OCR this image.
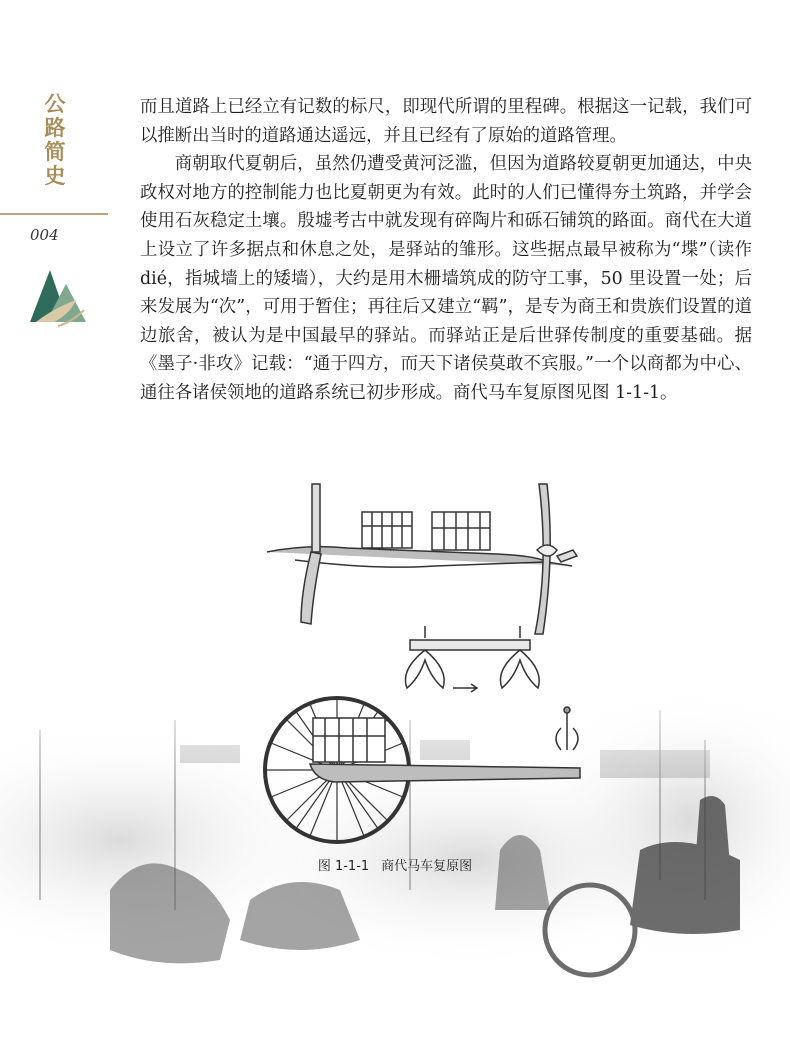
公
路
简
史
004

而且道路上已经立有记数的标尺，即现代所谓的里程碑。根据这一记载，我们可以推断出当时的道路通达遥远，并且已经有了原始的道路管理。

商朝取代夏朝后，虽然仍遭受黄河泛滥，但因为道路较夏朝更加通达，中央政权对地方的控制能力也比夏朝更为有效。此时的人们已懂得夯土筑路，并学会使用石灰稳定土壤。殷墟考古中就发现有碎陶片和砾石铺筑的路面。商代在大道上设立了许多据点和休息之处，是驿站的雏形。这些据点最早被称为“堞”（读作dié，指城墙上的矮墙），大约是用木栅墙筑成的防守工事，50 里设置一处；后来发展为“次”，可用于暂住；再往后又建立“羁”，是专为商王和贵族们设置的道边旅舍，被认为是中国最早的驿站。而驿站正是后世驿传制度的重要基础。据《墨子·非攻》记载：“通于四方，而天下诸侯莫敢不宾服。”一个以商都为中心、通往各诸侯领地的道路系统已初步形成。商代马车复原图见图 1-1-1。

图 1-1-1 商代马车复原图
